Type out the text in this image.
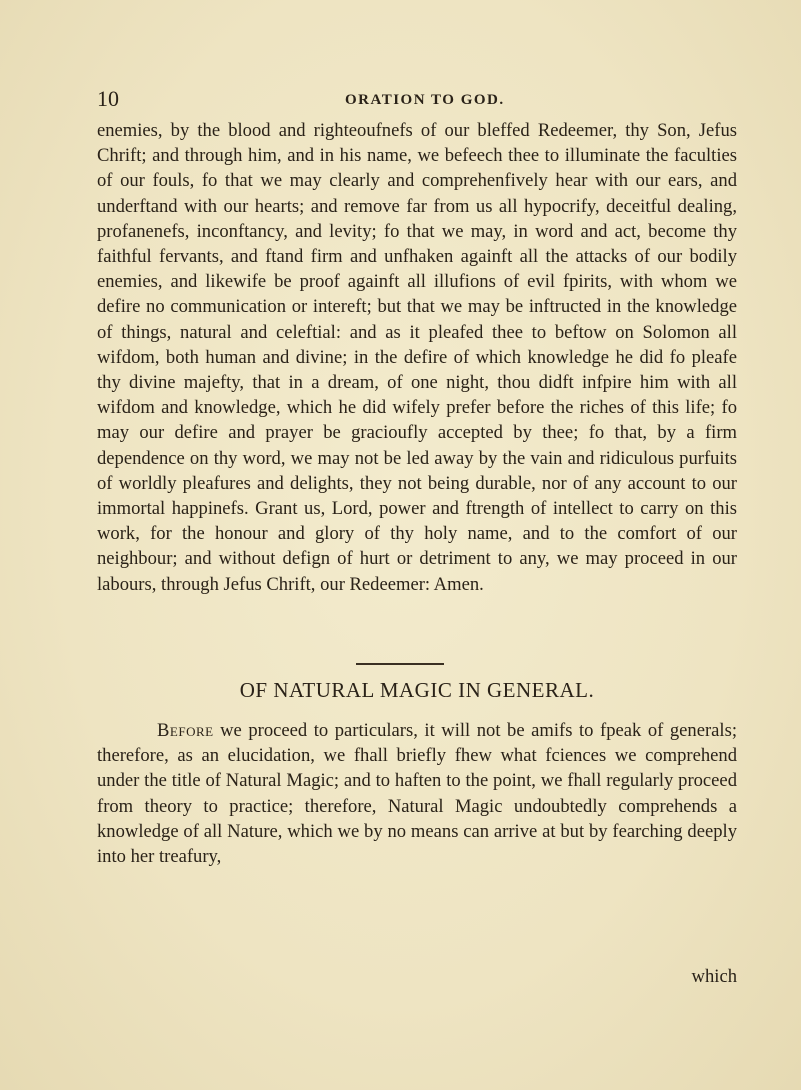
10	ORATION TO GOD.

enemies, by the blood and righteoufnefs of our bleffed Redeemer, thy Son, Jefus Chrift; and through him, and in his name, we befeech thee to illuminate the faculties of our fouls, fo that we may clearly and comprehenfively hear with our ears, and underftand with our hearts; and remove far from us all hypocrify, deceitful dealing, profanenefs, inconftancy, and levity; fo that we may, in word and act, become thy faithful fervants, and ftand firm and unfhaken againft all the attacks of our bodily enemies, and likewife be proof againft all illufions of evil fpirits, with whom we defire no communication or intereft; but that we may be inftructed in the knowledge of things, natural and celeftial: and as it pleafed thee to beftow on Solomon all wifdom, both human and divine; in the defire of which knowledge he did fo pleafe thy divine majefty, that in a dream, of one night, thou didft infpire him with all wifdom and knowledge, which he did wifely prefer before the riches of this life; fo may our defire and prayer be gracioufly accepted by thee; fo that, by a firm dependence on thy word, we may not be led away by the vain and ridiculous purfuits of worldly pleafures and delights, they not being durable, nor of any account to our immortal happinefs. Grant us, Lord, power and ftrength of intellect to carry on this work, for the honour and glory of thy holy name, and to the comfort of our neighbour; and without defign of hurt or detriment to any, we may proceed in our labours, through Jefus Chrift, our Redeemer: Amen.

OF NATURAL MAGIC IN GENERAL.

Before we proceed to particulars, it will not be amifs to fpeak of generals; therefore, as an elucidation, we fhall briefly fhew what fciences we comprehend under the title of Natural Magic; and to haften to the point, we fhall regularly proceed from theory to practice; therefore, Natural Magic undoubtedly comprehends a knowledge of all Nature, which we by no means can arrive at but by fearching deeply into her treafury,

which
